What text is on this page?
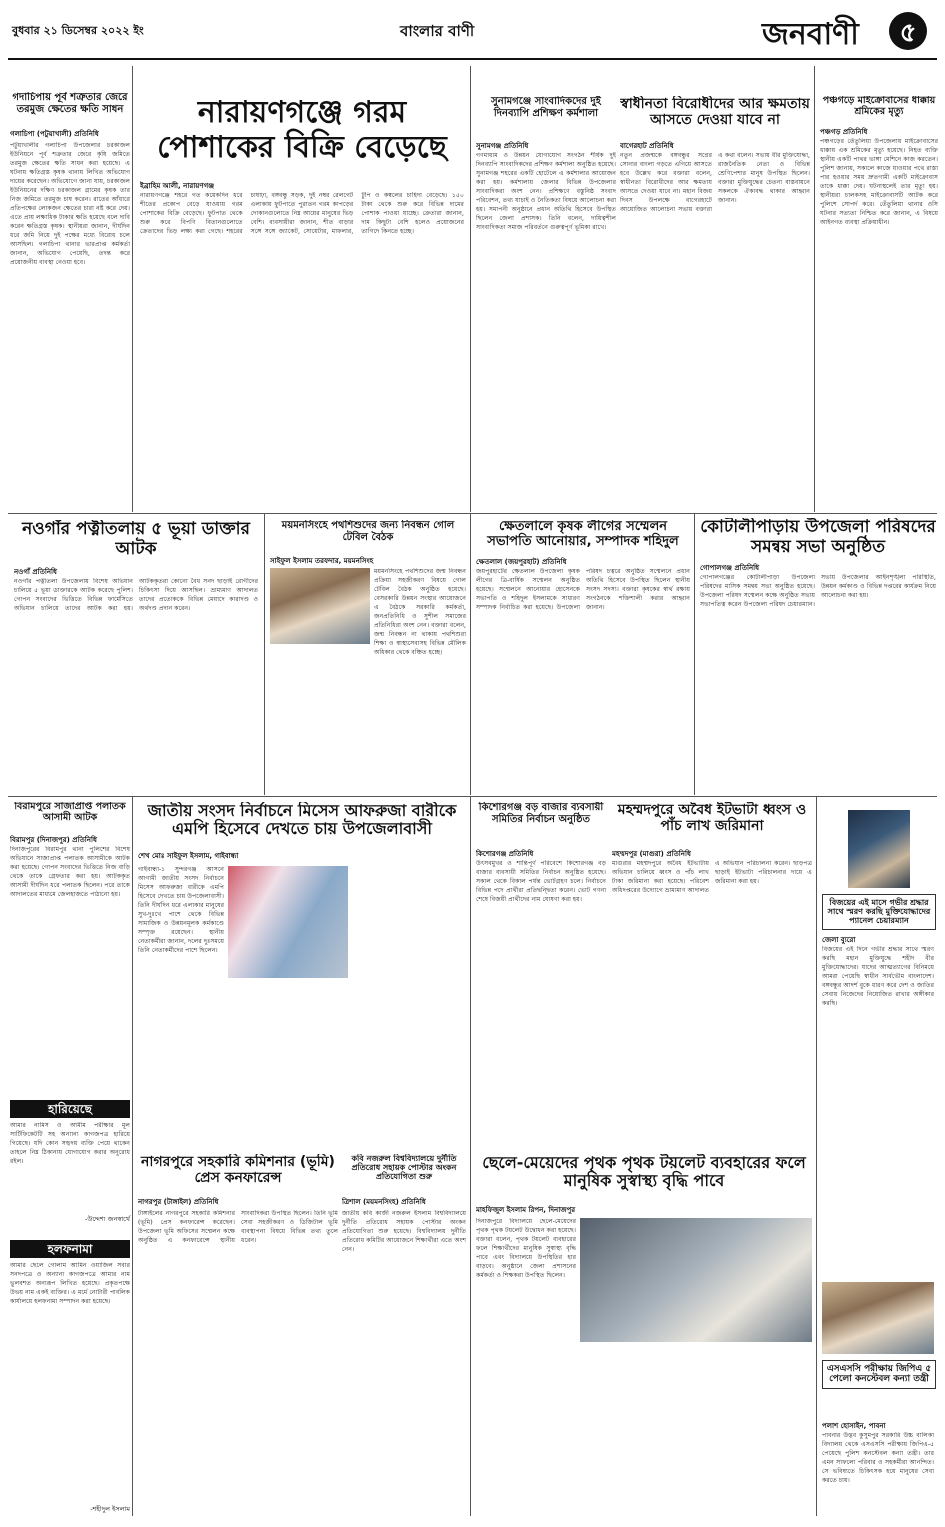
বুধবার ২১ ডিসেম্বর ২০২২ ইং	বাংলার বাণী	জনবাণী ৫
গদাচিপায় পূর্ব শত্রুতার জেরে তরমুজ ক্ষেতের ক্ষতি সাধন
গলাচিপা (পটুয়াখালী) প্রতিনিধি
পটুয়াখালীর গলাচিপা উপজেলার চরকাজল ইউনিয়নে পূর্ব শত্রুতার জেরে কৃষি জমিতে তরমুজ ক্ষেতের ক্ষতি সাধন করা হয়েছে। এ ঘটনায় ক্ষতিগ্রস্ত কৃষক থানায় লিখিত অভিযোগ দায়ের করেছেন। অভিযোগে জানা যায়, চরকাজল ইউনিয়নের দক্ষিণ চরকাজল গ্রামের কৃষক তার নিজ জমিতে তরমুজ চাষ করেন। রাতের আঁধারে প্রতিপক্ষের লোকজন ক্ষেতের চারা নষ্ট করে দেয়। এতে প্রায় লক্ষাধিক টাকার ক্ষতি হয়েছে বলে দাবি করেন ক্ষতিগ্রস্ত কৃষক। স্থানীয়রা জানান, দীর্ঘদিন ধরে জমি নিয়ে দুই পক্ষের মধ্যে বিরোধ চলে আসছিল। গলাচিপা থানার ভারপ্রাপ্ত কর্মকর্তা জানান, অভিযোগ পেয়েছি, তদন্ত করে প্রয়োজনীয় ব্যবস্থা নেওয়া হবে।
নারায়ণগঞ্জে গরম পোশাকের বিক্রি বেড়েছে
ইব্রাহিম আলী, নারায়ণগঞ্জ
নারায়ণগঞ্জে শহরে গত কয়েকদিন ধরে শীতের প্রকোপ বেড়ে যাওয়ায় গরম পোশাকের বিক্রি বেড়েছে। ফুটপাত থেকে শুরু করে বিপণি বিতানগুলোতে ক্রেতাদের ভিড় লক্ষ্য করা গেছে। শহরের চাষাঢ়া, বঙ্গবন্ধু সড়ক, দুই নম্বর রেলগেট এলাকায় ফুটপাতে পুরাতন গরম কাপড়ের দোকানগুলোতে নিম্ন আয়ের মানুষের ভিড় বেশি। ব্যবসায়ীরা জানান, শীত বাড়ার সঙ্গে সঙ্গে জ্যাকেট, সোয়েটার, মাফলার, টুপি ও কম্বলের চাহিদা বেড়েছে। ১৫০ টাকা থেকে শুরু করে বিভিন্ন দামের পোশাক পাওয়া যাচ্ছে। ক্রেতারা জানান, দাম কিছুটা বেশি হলেও প্রয়োজনের তাগিদে কিনতে হচ্ছে।
সুনামগঞ্জে সাংবাদিকদের দুই দিনব্যাপি প্রশিক্ষণ কর্মশালা
সুনামগঞ্জ প্রতিনিধি
গণমাধ্যম ও উন্নয়ন যোগাযোগ সংগঠন শীর্ষক দুই দিনব্যাপি সাংবাদিকদের প্রশিক্ষণ কর্মশালা অনুষ্ঠিত হয়েছে। সুনামগঞ্জ শহরের একটি হোটেলে এ কর্মশালার আয়োজন করা হয়। কর্মশালায় জেলার বিভিন্ন উপজেলার সাংবাদিকরা অংশ নেন। প্রশিক্ষণে বস্তুনিষ্ঠ সংবাদ পরিবেশন, তথ্য যাচাই ও নৈতিকতা বিষয়ে আলোচনা করা হয়। সমাপনী অনুষ্ঠানে প্রধান অতিথি হিসেবে উপস্থিত ছিলেন জেলা প্রশাসক। তিনি বলেন, দায়িত্বশীল সাংবাদিকতা সমাজ পরিবর্তনে গুরুত্বপূর্ণ ভূমিকা রাখে।
স্বাধীনতা বিরোধীদের আর ক্ষমতায় আসতে দেওয়া যাবে না
বাগেরহাট প্রতিনিধি
নতুন প্রজন্মকে বঙ্গবন্ধুর সপ্নের সোনার বাংলা গড়তে এগিয়ে আসতে হবে উল্লেখ করে বক্তারা বলেন, স্বাধীনতা বিরোধীদের আর ক্ষমতায় আসতে দেওয়া যাবে না। মহান বিজয় দিবস উপলক্ষে বাগেরহাটে আয়োজিত আলোচনা সভায় বক্তারা এ কথা বলেন। সভায় বীর মুক্তিযোদ্ধা, রাজনৈতিক নেতা ও বিভিন্ন শ্রেণিপেশার মানুষ উপস্থিত ছিলেন। বক্তারা মুক্তিযুদ্ধের চেতনা বাস্তবায়নে সকলকে ঐক্যবদ্ধ থাকার আহ্বান জানান।
পঞ্চগড়ে মাইক্রোবাসের ধাক্কায় শ্রমিকের মৃত্যু
পঞ্চগড় প্রতিনিধি
পঞ্চগড়ের তেঁতুলিয়া উপজেলায় মাইক্রোবাসের ধাক্কায় এক শ্রমিকের মৃত্যু হয়েছে। নিহত ব্যক্তি স্থানীয় একটি পাথর ভাঙ্গা মেশিনে কাজ করতেন। পুলিশ জানায়, সকালে কাজে যাওয়ার পথে রাস্তা পার হওয়ার সময় দ্রুতগামী একটি মাইক্রোবাস তাকে ধাক্কা দেয়। ঘটনাস্থলেই তার মৃত্যু হয়। স্থানীয়রা চালকসহ মাইক্রোবাসটি আটক করে পুলিশে সোপর্দ করে। তেঁতুলিয়া থানার ওসি ঘটনার সত্যতা নিশ্চিত করে জানান, এ বিষয়ে আইনগত ব্যবস্থা প্রক্রিয়াধীন।
নওগাঁর পত্নীতলায় ৫ ভূয়া ডাক্তার আটক
নওগাঁ প্রতিনিধি
নওগাঁর পত্নীতলা উপজেলায় বিশেষ অভিযান চালিয়ে ৫ ভূয়া ডাক্তারকে আটক করেছে পুলিশ। গোপন সংবাদের ভিত্তিতে বিভিন্ন ফার্মেসিতে অভিযান চালিয়ে তাদের আটক করা হয়। আটককৃতরা কোনো বৈধ সনদ ছাড়াই রোগীদের চিকিৎসা দিয়ে আসছিল। ভ্রাম্যমাণ আদালত তাদের প্রত্যেককে বিভিন্ন মেয়াদে কারাদণ্ড ও অর্থদণ্ড প্রদান করেন।
ময়মনসিংহে পথশিশুদের জন্য নিবন্ধন গোল টেবিল বৈঠক
সাইফুল ইসলাম তরফদার, ময়মনসিংহ
ময়মনসিংহে পথশিশুদের জন্ম নিবন্ধন প্রক্রিয়া সহজীকরণ বিষয়ে গোল টেবিল বৈঠক অনুষ্ঠিত হয়েছে। বেসরকারি উন্নয়ন সংস্থার আয়োজনে এ বৈঠকে সরকারি কর্মকর্তা, জনপ্রতিনিধি ও সুশীল সমাজের প্রতিনিধিরা অংশ নেন। বক্তারা বলেন, জন্ম নিবন্ধন না থাকায় পথশিশুরা শিক্ষা ও স্বাস্থ্যসেবাসহ বিভিন্ন মৌলিক অধিকার থেকে বঞ্চিত হচ্ছে।
ক্ষেতলালে কৃষক লীগের সম্মেলন সভাপতি আনোয়ার, সম্পাদক শহিদুল
ক্ষেতলাল (জয়পুরহাট) প্রতিনিধি
জয়পুরহাটের ক্ষেতলাল উপজেলা কৃষক লীগের ত্রি-বার্ষিক সম্মেলন অনুষ্ঠিত হয়েছে। সম্মেলনে আনোয়ার হোসেনকে সভাপতি ও শহিদুল ইসলামকে সাধারণ সম্পাদক নির্বাচিত করা হয়েছে। উপজেলা পরিষদ চত্বরে অনুষ্ঠিত সম্মেলনে প্রধান অতিথি হিসেবে উপস্থিত ছিলেন স্থানীয় সংসদ সদস্য। বক্তারা কৃষকের স্বার্থ রক্ষায় সংগঠনকে শক্তিশালী করার আহ্বান জানান।
কোটালীপাড়ায় উপজেলা পরিষদের সমন্বয় সভা অনুষ্ঠিত
গোপালগঞ্জ প্রতিনিধি
গোপালগঞ্জের কোটালীপাড়া উপজেলা পরিষদের মাসিক সমন্বয় সভা অনুষ্ঠিত হয়েছে। উপজেলা পরিষদ সম্মেলন কক্ষে অনুষ্ঠিত সভায় সভাপতিত্ব করেন উপজেলা পরিষদ চেয়ারম্যান। সভায় উপজেলার আইনশৃঙ্খলা পরিস্থিতি, উন্নয়ন কর্মকাণ্ড ও বিভিন্ন দপ্তরের কার্যক্রম নিয়ে আলোচনা করা হয়।
বিরামপুরে সাজাপ্রাপ্ত পলাতক আসামী আটক
বিরামপুর (দিনাজপুর) প্রতিনিধি
দিনাজপুরের বিরামপুর থানা পুলিশের বিশেষ অভিযানে সাজাপ্রাপ্ত পলাতক আসামীকে আটক করা হয়েছে। গোপন সংবাদের ভিত্তিতে নিজ বাড়ি থেকে তাকে গ্রেফতার করা হয়। আটককৃত আসামী দীর্ঘদিন ধরে পলাতক ছিলেন। পরে তাকে আদালতের মাধ্যমে জেলহাজতে পাঠানো হয়।
হারিয়েছে
আমার নামিস ও আমীম পরীক্ষার মূল সার্টিফিকেটটি সহ অন্যান্য কাগজপত্র হারিয়ে গিয়েছে। যদি কোন সহৃদয় ব্যক্তি পেয়ে থাকেন তাহলে নিম্ন ঠিকানায় যোগাযোগ করার অনুরোধ রইল।
-উদ্দেশ্য জনস্বার্থে
হলফনামা
আমার ছেলে গোলাম আমিন ওয়াজিল সবার সনদপত্রে ও অন্যান্য কাগজপত্রে আমার নাম ভুলবশত অন্যরূপ লিখিত হয়েছে। প্রকৃতপক্ষে উভয় নাম একই ব্যক্তির। এ মর্মে নোটারী পাবলিক কার্যালয়ে হলফনামা সম্পাদন করা হয়েছে।
-শহীদুল ইসলাম
জাতীয় সংসদ নির্বাচনে মিসেস আফরুজা বারীকে এমপি হিসেবে দেখতে চায় উপজেলাবাসী
শেখ মোঃ সাইফুল ইসলাম, গাইবান্ধা
গাইবান্ধা-১ সুন্দরগঞ্জ আসনে আগামী জাতীয় সংসদ নির্বাচনে মিসেস আফরুজা বারীকে এমপি হিসেবে দেখতে চায় উপজেলাবাসী। তিনি দীর্ঘদিন ধরে এলাকার মানুষের সুখ-দুঃখে পাশে থেকে বিভিন্ন সামাজিক ও উন্নয়নমূলক কর্মকাণ্ডে সম্পৃক্ত রয়েছেন। স্থানীয় নেতাকর্মীরা জানান, দলের দুঃসময়ে তিনি নেতাকর্মীদের পাশে ছিলেন।
কিশোরগঞ্জ বড় বাজার ব্যবসায়ী সমিতির নির্বাচন অনুষ্ঠিত
কিশোরগঞ্জ প্রতিনিধি
উৎসবমুখর ও শান্তিপূর্ণ পরিবেশে কিশোরগঞ্জ বড় বাজার ব্যবসায়ী সমিতির নির্বাচন অনুষ্ঠিত হয়েছে। সকাল থেকে বিকাল পর্যন্ত ভোটগ্রহণ চলে। নির্বাচনে বিভিন্ন পদে প্রার্থীরা প্রতিদ্বন্দ্বিতা করেন। ভোট গণনা শেষে বিজয়ী প্রার্থীদের নাম ঘোষণা করা হয়।
মহম্মদপুরে অবৈধ ইটভাটা ধ্বংস ও পাঁচ লাখ জরিমানা
মহম্মদপুর (মাগুরা) প্রতিনিধি
মাগুরার মহম্মদপুরে অবৈধ ইটভাটায় অভিযান চালিয়ে ধ্বংস ও পাঁচ লাখ টাকা জরিমানা করা হয়েছে। পরিবেশ অধিদপ্তরের উদ্যোগে ভ্রাম্যমাণ আদালত এ অভিযান পরিচালনা করেন। ছাড়পত্র ছাড়াই ইটভাটা পরিচালনার দায়ে এ জরিমানা করা হয়।
বিজয়ের এই মাসে গভীর শ্রদ্ধার সাথে স্মরণ করছি মুক্তিযোদ্ধাদের প্যানেল চেয়ারম্যান
জেলা ব্যুরো
বিজয়ের এই দিনে গভীর শ্রদ্ধার সাথে স্মরণ করছি মহান মুক্তিযুদ্ধে শহীদ বীর মুক্তিযোদ্ধাদের। যাদের আত্মত্যাগের বিনিময়ে আমরা পেয়েছি স্বাধীন সার্বভৌম বাংলাদেশ। বঙ্গবন্ধুর আদর্শ বুকে ধারণ করে দেশ ও জাতির সেবায় নিজেদের নিয়োজিত রাখার অঙ্গীকার করছি।
নাগরপুরে সহকারি কমিশনার (ভূমি) প্রেস কনফারেন্স
নাগরপুর (টাঙ্গাইল) প্রতিনিধি
টাঙ্গাইলের নাগরপুরে সহকারি কমিশনার (ভূমি) প্রেস কনফারেন্স করেছেন। উপজেলা ভূমি অফিসের সম্মেলন কক্ষে অনুষ্ঠিত এ কনফারেন্সে স্থানীয় সাংবাদিকরা উপস্থিত ছিলেন। তিনি ভূমি সেবা সহজীকরণ ও ডিজিটাল ভূমি ব্যবস্থাপনা বিষয়ে বিভিন্ন তথ্য তুলে ধরেন।
কবি নজরুল বিশ্ববিদ্যালয়ে দুর্নীতি প্রতিরোধ সহায়ক পোস্টার অংকন প্রতিযোগিতা শুরু
ত্রিশাল (ময়মনসিংহ) প্রতিনিধি
জাতীয় কবি কাজী নজরুল ইসলাম বিশ্ববিদ্যালয়ে দুর্নীতি প্রতিরোধ সহায়ক পোস্টার অংকন প্রতিযোগিতা শুরু হয়েছে। বিশ্ববিদ্যালয় দুর্নীতি প্রতিরোধ কমিটির আয়োজনে শিক্ষার্থীরা এতে অংশ নেন।
ছেলে-মেয়েদের পৃথক পৃথক টয়লেট ব্যবহারের ফলে মানুষিক সুস্বাস্থ্য বৃদ্ধি পাবে
মাহফিজুল ইসলাম রিপন, দিনাজপুর
দিনাজপুরে বিদ্যালয়ে ছেলে-মেয়েদের পৃথক পৃথক টয়লেট উদ্বোধন করা হয়েছে। বক্তারা বলেন, পৃথক টয়লেট ব্যবহারের ফলে শিক্ষার্থীদের মানুষিক সুস্বাস্থ্য বৃদ্ধি পাবে এবং বিদ্যালয়ে উপস্থিতির হার বাড়বে। অনুষ্ঠানে জেলা প্রশাসনের কর্মকর্তা ও শিক্ষকরা উপস্থিত ছিলেন।
এসএসসি পরীক্ষায় জিপিএ ৫ পেলো কনস্টেবল কন্যা তন্ত্রী
পলাশ হোসাইন, পাবনা
পাবনার উদ্ভব কুসুমপুর সরকারি উচ্চ বালিকা বিদ্যালয় থেকে এসএসসি পরীক্ষায় জিপিএ-৫ পেয়েছে পুলিশ কনস্টেবল কন্যা তন্ত্রী। তার এমন সাফল্যে পরিবার ও সহকর্মীরা আনন্দিত। সে ভবিষ্যতে চিকিৎসক হয়ে মানুষের সেবা করতে চায়।
